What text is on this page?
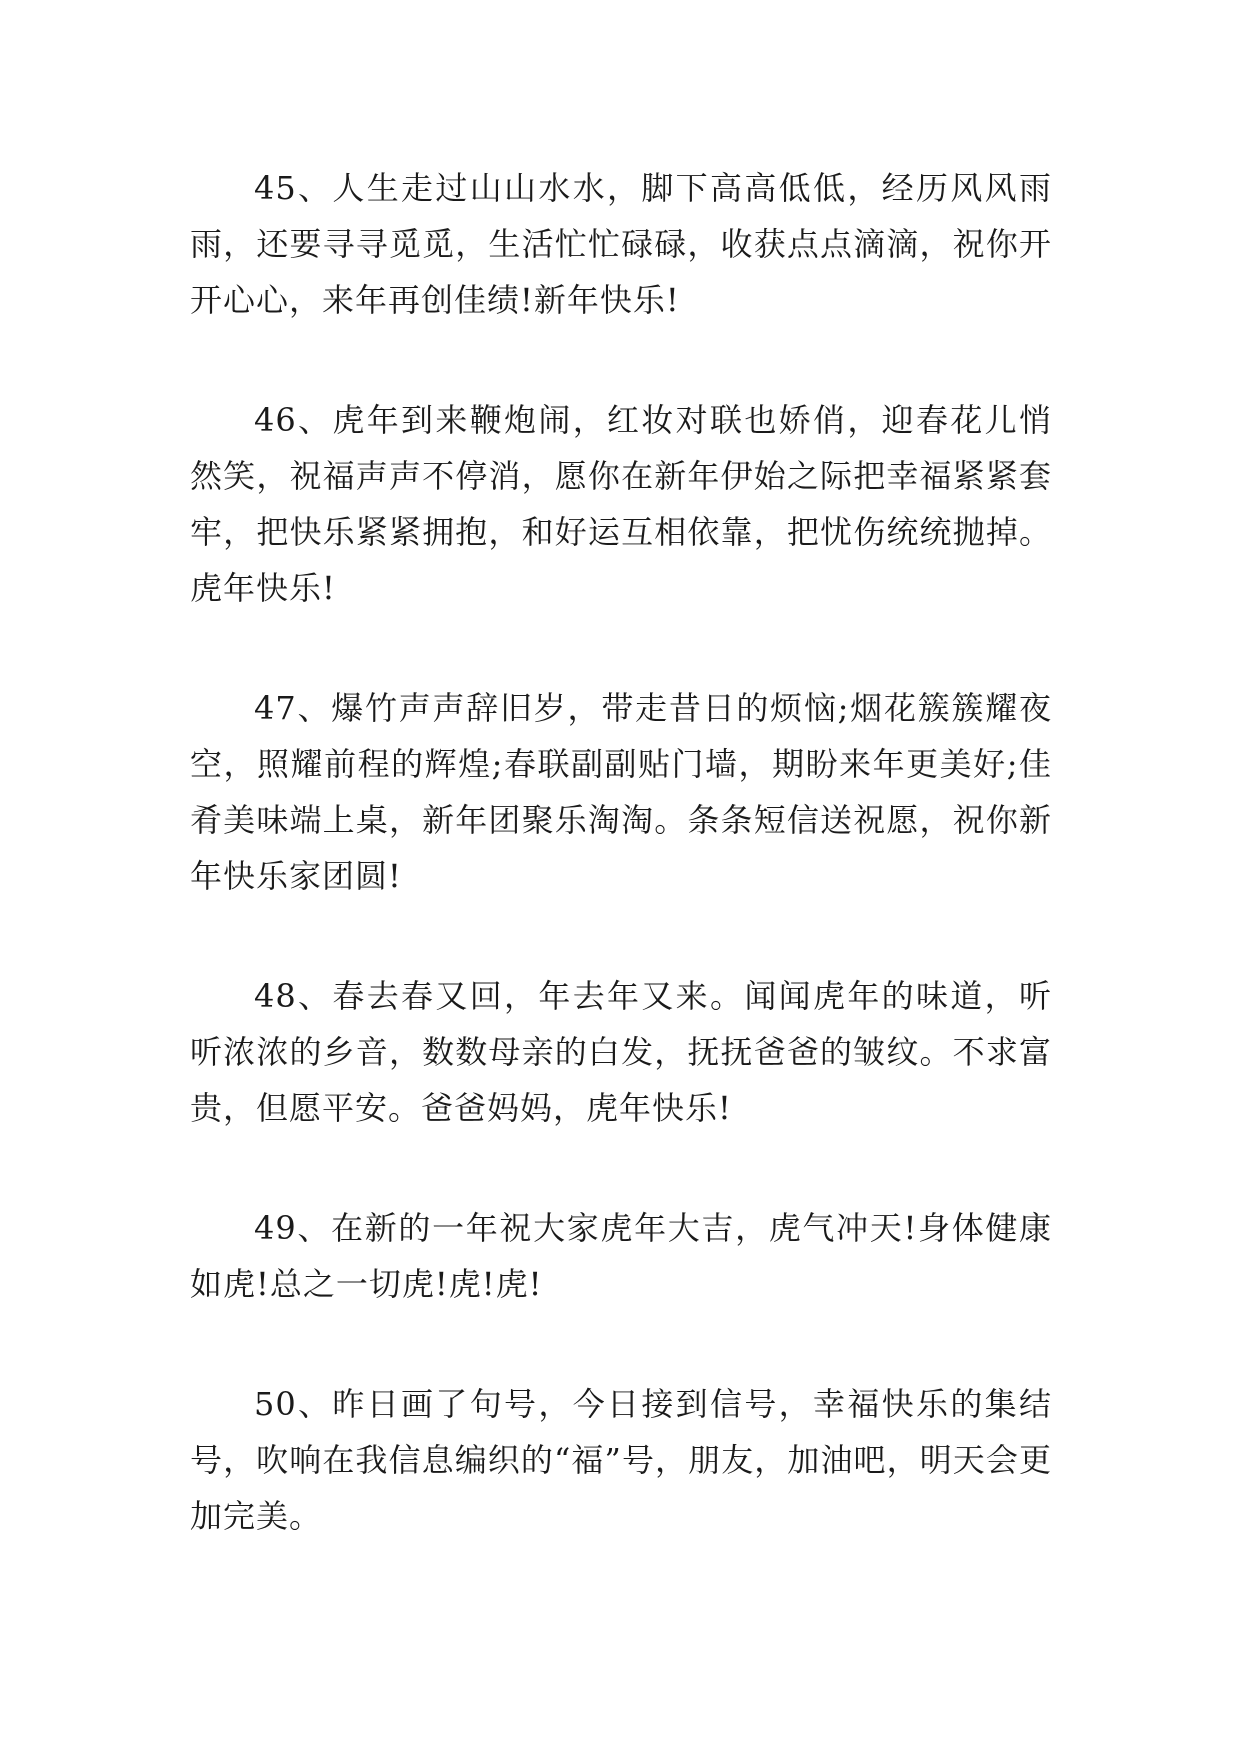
45、人生走过山山水水，脚下高高低低，经历风风雨雨，还要寻寻觅觅，生活忙忙碌碌，收获点点滴滴，祝你开开心心，来年再创佳绩!新年快乐!

46、虎年到来鞭炮闹，红妆对联也娇俏，迎春花儿悄然笑，祝福声声不停消，愿你在新年伊始之际把幸福紧紧套牢，把快乐紧紧拥抱，和好运互相依靠，把忧伤统统抛掉。虎年快乐!

47、爆竹声声辞旧岁，带走昔日的烦恼;烟花簇簇耀夜空，照耀前程的辉煌;春联副副贴门墙，期盼来年更美好;佳肴美味端上桌，新年团聚乐淘淘。条条短信送祝愿，祝你新年快乐家团圆!

48、春去春又回，年去年又来。闻闻虎年的味道，听听浓浓的乡音，数数母亲的白发，抚抚爸爸的皱纹。不求富贵，但愿平安。爸爸妈妈，虎年快乐!

49、在新的一年祝大家虎年大吉，虎气冲天!身体健康如虎!总之一切虎!虎!虎!

50、昨日画了句号，今日接到信号，幸福快乐的集结号，吹响在我信息编织的“福”号，朋友，加油吧，明天会更加完美。
